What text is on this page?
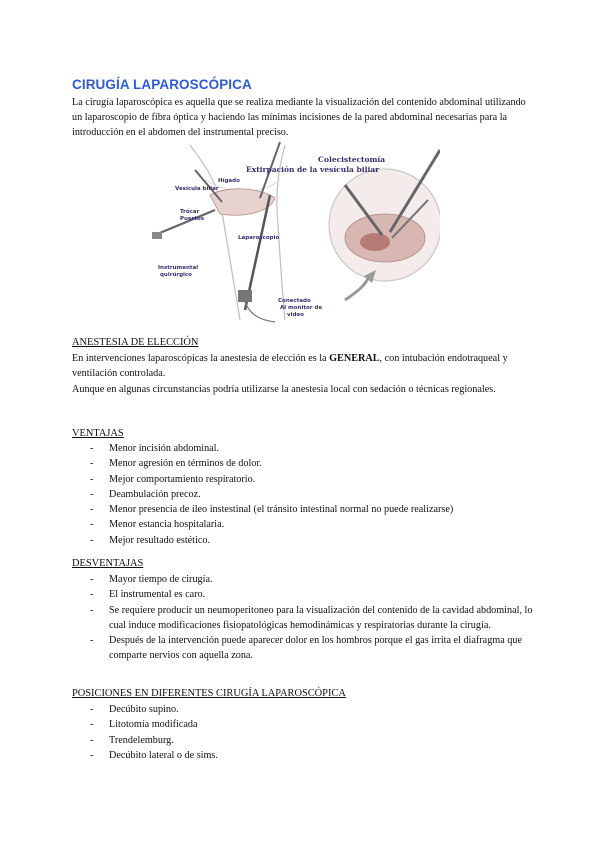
CIRUGÍA LAPAROSCÓPICA

La cirugía laparoscópica es aquella que se realiza mediante la visualización del contenido abdominal utilizando un laparoscopio de fibra óptica y haciendo las mínimas incisiones de la pared abdominal necesarias para la introducción en el abdomen del instrumental preciso.

Hígado
Vesícula biliar
Trócar
Puertos
Laparoscopio
Instrumental
quirúrgico
Conectado
Al monitor de
video
Colecistectomía
Extirpación de la vesícula biliar
ANESTESIA DE ELECCIÓN

En intervenciones laparoscópicas la anestesia de elección es la GENERAL, con intubación endotraqueal y ventilación controlada.

Aunque en algunas circunstancias podría utilizarse la anestesia local con sedación o técnicas regionales.

VENTAJAS
- Menor incisión abdominal.
- Menor agresión en términos de dolor.
- Mejor comportamiento respiratorio.
- Deambulación precoz.
- Menor presencia de íleo instestinal (el tránsito intestinal normal no puede realizarse)
- Menor estancia hospitalaria.
- Mejor resultado estético.
DESVENTAJAS
- Mayor tiempo de cirugía.
- El instrumental es caro.
- Se requiere producir un neumoperitoneo para la visualización del contenido de la cavidad abdominal, lo cual induce modificaciones fisiopatológicas hemodinámicas y respiratorias durante la cirugía.
- Después de la intervención puede aparecer dolor en los hombros porque el gas irrita el diafragma que comparte nervios con aquella zona.
POSICIONES EN DIFERENTES CIRUGÍA LAPAROSCÓPICA
- Decúbito supino.
- Litotomía modificada
- Trendelemburg.
- Decúbito lateral o de sims.
